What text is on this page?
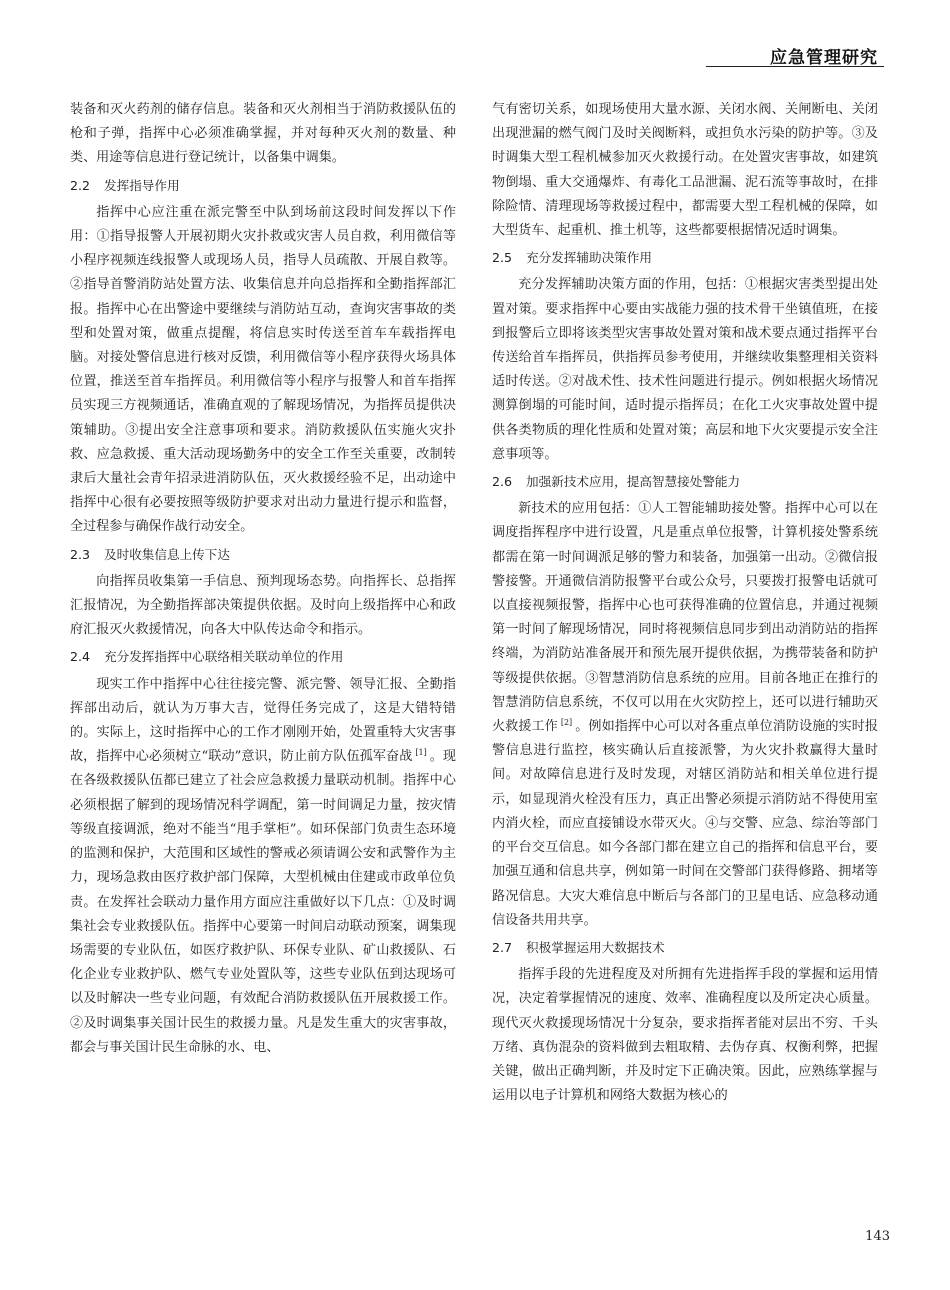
应急管理研究

装备和灭火药剂的储存信息。装备和灭火剂相当于消防救援队伍的枪和子弹，指挥中心必须准确掌握，并对每种灭火剂的数量、种类、用途等信息进行登记统计，以备集中调集。

2.2 发挥指导作用

指挥中心应注重在派完警至中队到场前这段时间发挥以下作用：①指导报警人开展初期火灾扑救或灾害人员自救，利用微信等小程序视频连线报警人或现场人员，指导人员疏散、开展自救等。②指导首警消防站处置方法、收集信息并向总指挥和全勤指挥部汇报。指挥中心在出警途中要继续与消防站互动，查询灾害事故的类型和处置对策，做重点提醒，将信息实时传送至首车车载指挥电脑。对接处警信息进行核对反馈，利用微信等小程序获得火场具体位置，推送至首车指挥员。利用微信等小程序与报警人和首车指挥员实现三方视频通话，准确直观的了解现场情况，为指挥员提供决策辅助。③提出安全注意事项和要求。消防救援队伍实施火灾扑救、应急救援、重大活动现场勤务中的安全工作至关重要，改制转隶后大量社会青年招录进消防队伍，灭火救援经验不足，出动途中指挥中心很有必要按照等级防护要求对出动力量进行提示和监督，全过程参与确保作战行动安全。

2.3 及时收集信息上传下达

向指挥员收集第一手信息、预判现场态势。向指挥长、总指挥汇报情况，为全勤指挥部决策提供依据。及时向上级指挥中心和政府汇报灭火救援情况，向各大中队传达命令和指示。

2.4 充分发挥指挥中心联络相关联动单位的作用

现实工作中指挥中心往往接完警、派完警、领导汇报、全勤指挥部出动后，就认为万事大吉，觉得任务完成了，这是大错特错的。实际上，这时指挥中心的工作才刚刚开始，处置重特大灾害事故，指挥中心必须树立“联动”意识，防止前方队伍孤军奋战 [1] 。现在各级救援队伍都已建立了社会应急救援力量联动机制。指挥中心必须根据了解到的现场情况科学调配，第一时间调足力量，按灾情等级直接调派，绝对不能当“甩手掌柜”。如环保部门负责生态环境的监测和保护，大范围和区域性的警戒必须请调公安和武警作为主力，现场急救由医疗救护部门保障，大型机械由住建或市政单位负责。在发挥社会联动力量作用方面应注重做好以下几点：①及时调集社会专业救援队伍。指挥中心要第一时间启动联动预案，调集现场需要的专业队伍，如医疗救护队、环保专业队、矿山救援队、石化企业专业救护队、燃气专业处置队等，这些专业队伍到达现场可以及时解决一些专业问题，有效配合消防救援队伍开展救援工作。②及时调集事关国计民生的救援力量。凡是发生重大的灾害事故，都会与事关国计民生命脉的水、电、

气有密切关系，如现场使用大量水源、关闭水阀、关闸断电、关闭出现泄漏的燃气阀门及时关阀断料，或担负水污染的防护等。③及时调集大型工程机械参加灭火救援行动。在处置灾害事故，如建筑物倒塌、重大交通爆炸、有毒化工品泄漏、泥石流等事故时，在排除险情、清理现场等救援过程中，都需要大型工程机械的保障，如大型货车、起重机、推土机等，这些都要根据情况适时调集。

2.5 充分发挥辅助决策作用

充分发挥辅助决策方面的作用，包括：①根据灾害类型提出处置对策。要求指挥中心要由实战能力强的技术骨干坐镇值班，在接到报警后立即将该类型灾害事故处置对策和战术要点通过指挥平台传送给首车指挥员，供指挥员参考使用，并继续收集整理相关资料适时传送。②对战术性、技术性问题进行提示。例如根据火场情况测算倒塌的可能时间，适时提示指挥员；在化工火灾事故处置中提供各类物质的理化性质和处置对策；高层和地下火灾要提示安全注意事项等。

2.6 加强新技术应用，提高智慧接处警能力

新技术的应用包括：①人工智能辅助接处警。指挥中心可以在调度指挥程序中进行设置，凡是重点单位报警，计算机接处警系统都需在第一时间调派足够的警力和装备，加强第一出动。②微信报警接警。开通微信消防报警平台或公众号，只要拨打报警电话就可以直接视频报警，指挥中心也可获得准确的位置信息，并通过视频第一时间了解现场情况，同时将视频信息同步到出动消防站的指挥终端，为消防站准备展开和预先展开提供依据，为携带装备和防护等级提供依据。③智慧消防信息系统的应用。目前各地正在推行的智慧消防信息系统，不仅可以用在火灾防控上，还可以进行辅助灭火救援工作 [2] 。例如指挥中心可以对各重点单位消防设施的实时报警信息进行监控，核实确认后直接派警，为火灾扑救赢得大量时间。对故障信息进行及时发现，对辖区消防站和相关单位进行提示，如显现消火栓没有压力，真正出警必须提示消防站不得使用室内消火栓，而应直接铺设水带灭火。④与交警、应急、综治等部门的平台交互信息。如今各部门都在建立自己的指挥和信息平台，要加强互通和信息共享，例如第一时间在交警部门获得修路、拥堵等路况信息。大灾大难信息中断后与各部门的卫星电话、应急移动通信设备共用共享。

2.7 积极掌握运用大数据技术

指挥手段的先进程度及对所拥有先进指挥手段的掌握和运用情况，决定着掌握情况的速度、效率、准确程度以及所定决心质量。现代灭火救援现场情况十分复杂，要求指挥者能对层出不穷、千头万绪、真伪混杂的资料做到去粗取精、去伪存真、权衡利弊，把握关键，做出正确判断，并及时定下正确决策。因此，应熟练掌握与运用以电子计算机和网络大数据为核心的

143
